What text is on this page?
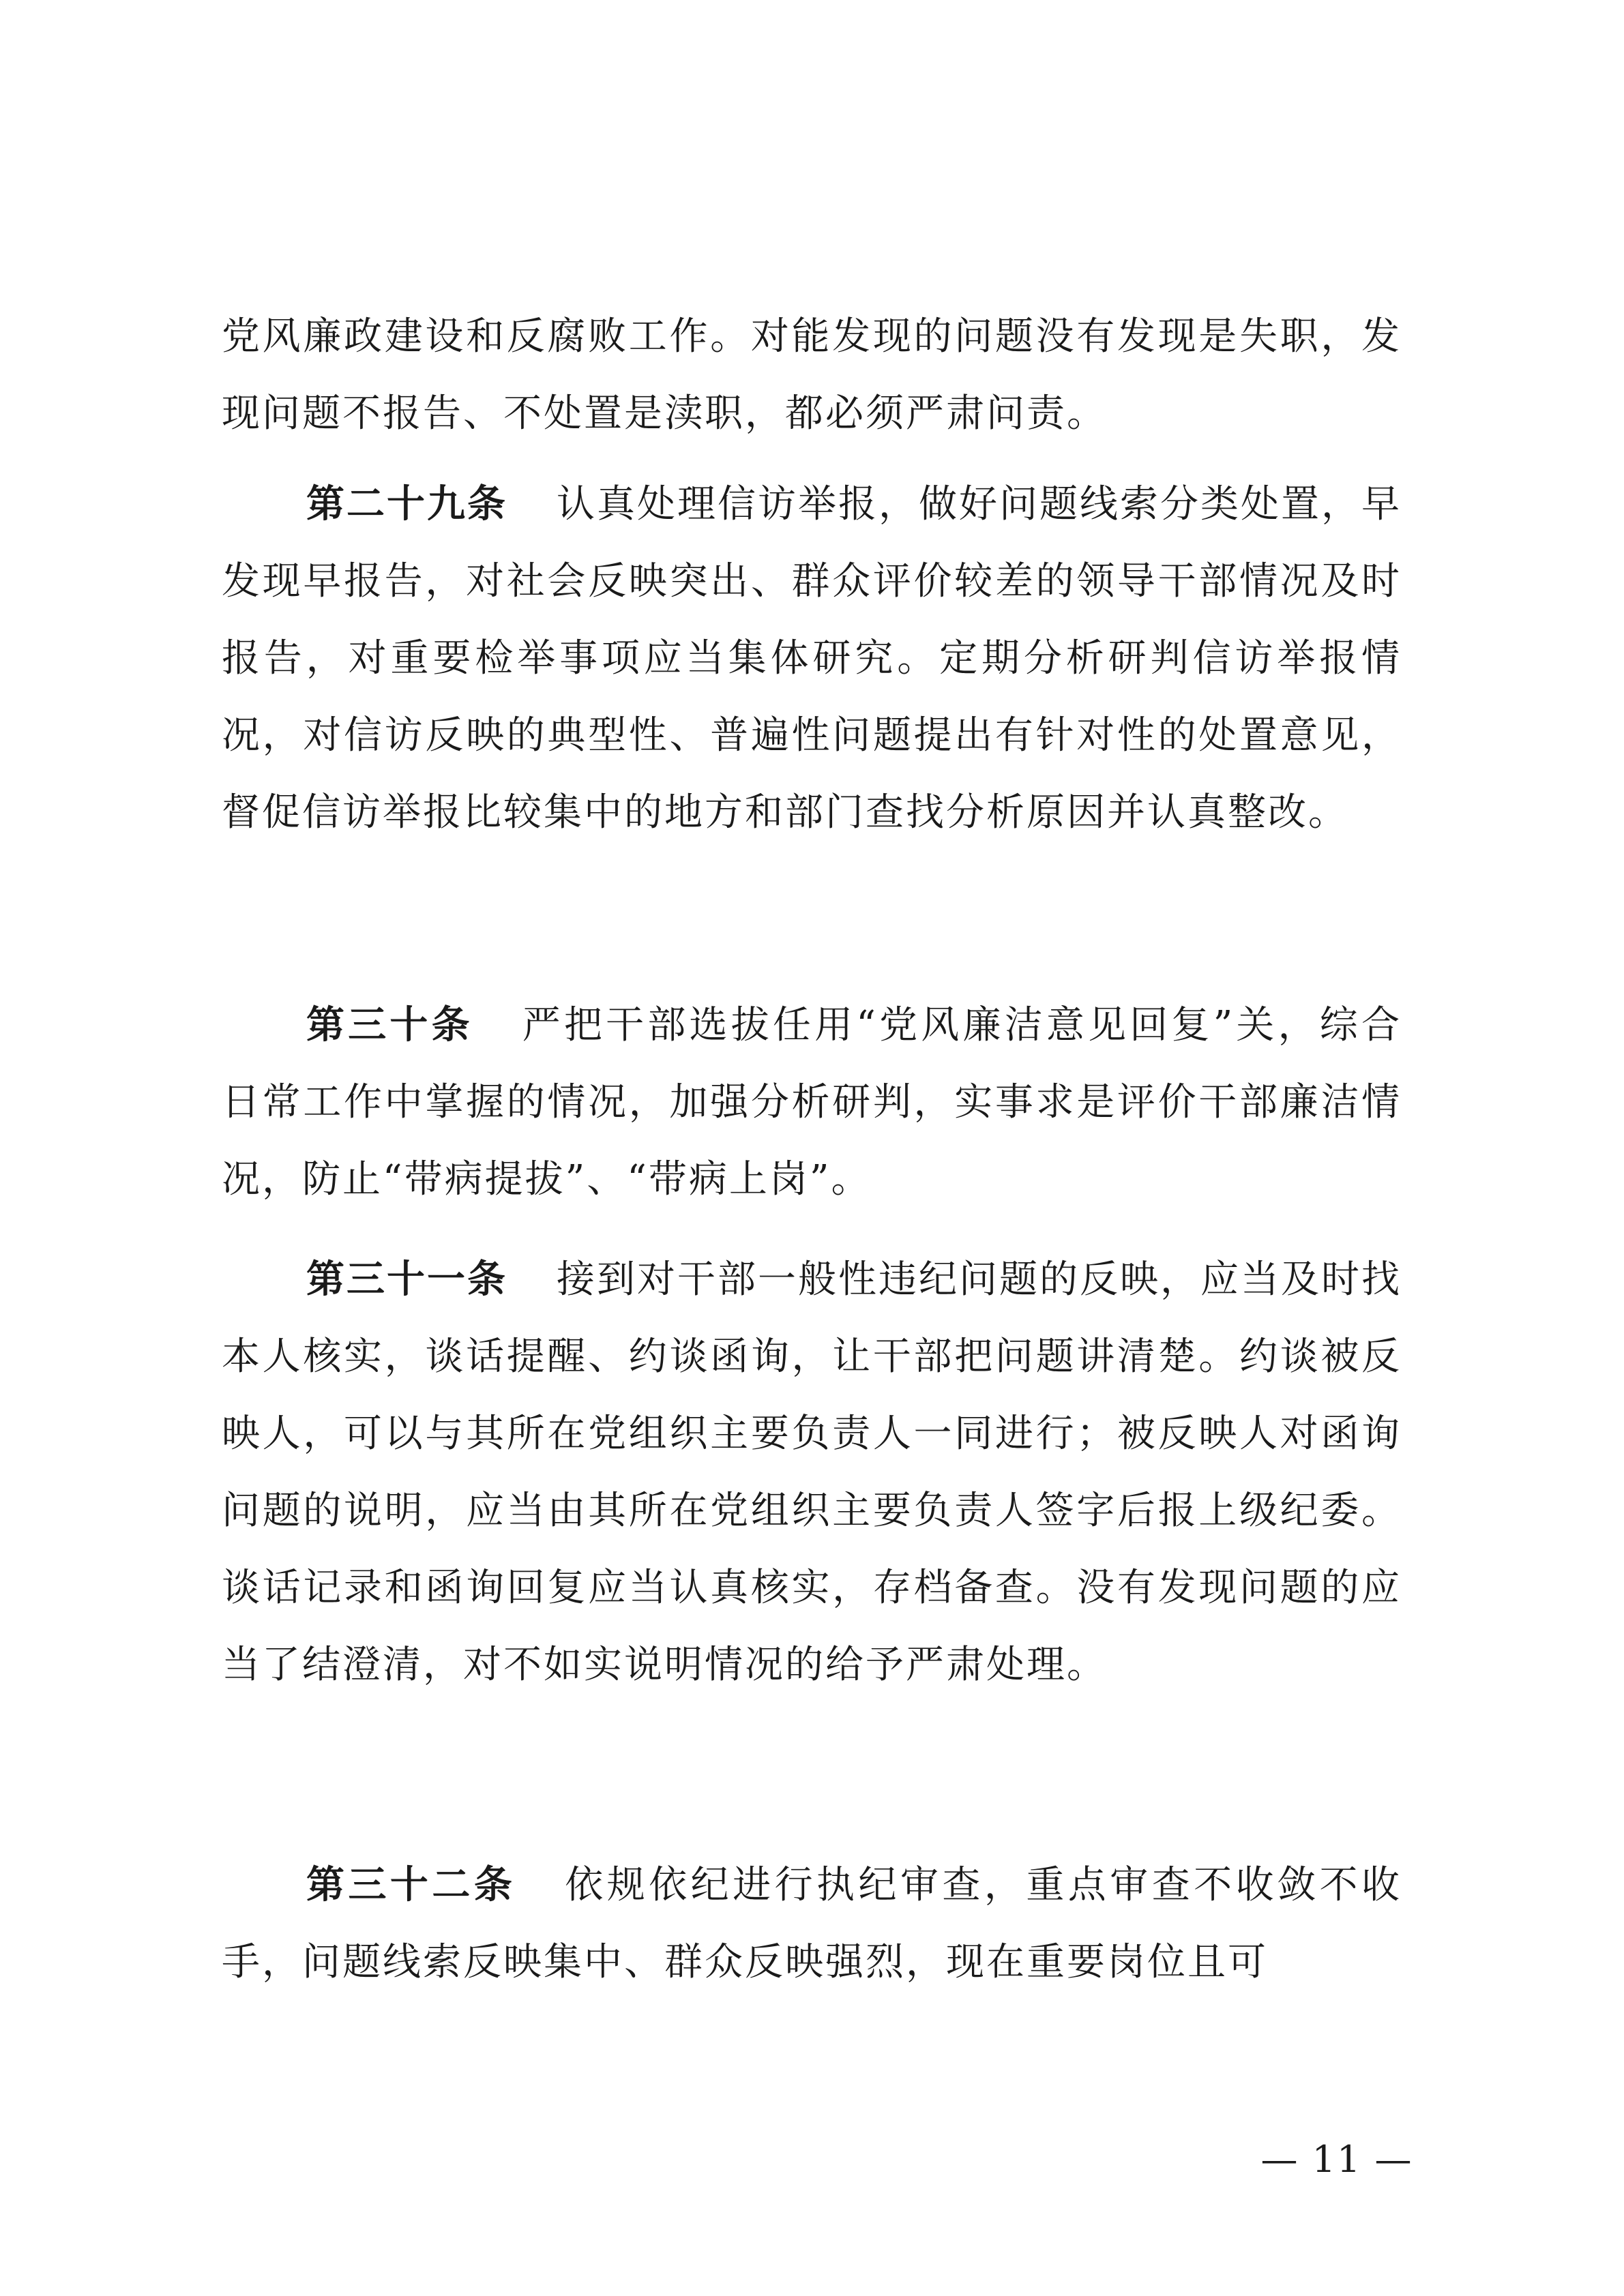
党风廉政建设和反腐败工作。对能发现的问题没有发现是失职，发现问题不报告、不处置是渎职，都必须严肃问责。

第二十九条 认真处理信访举报，做好问题线索分类处置，早发现早报告，对社会反映突出、群众评价较差的领导干部情况及时报告，对重要检举事项应当集体研究。定期分析研判信访举报情况，对信访反映的典型性、普遍性问题提出有针对性的处置意见，督促信访举报比较集中的地方和部门查找分析原因并认真整改。

第三十条 严把干部选拔任用“党风廉洁意见回复”关，综合日常工作中掌握的情况，加强分析研判，实事求是评价干部廉洁情况，防止“带病提拔”、“带病上岗”。

第三十一条 接到对干部一般性违纪问题的反映，应当及时找本人核实，谈话提醒、约谈函询，让干部把问题讲清楚。约谈被反映人，可以与其所在党组织主要负责人一同进行；被反映人对函询问题的说明，应当由其所在党组织主要负责人签字后报上级纪委。谈话记录和函询回复应当认真核实，存档备查。没有发现问题的应当了结澄清，对不如实说明情况的给予严肃处理。

第三十二条 依规依纪进行执纪审查，重点审查不收敛不收手，问题线索反映集中、群众反映强烈，现在重要岗位且可

— 11 —
